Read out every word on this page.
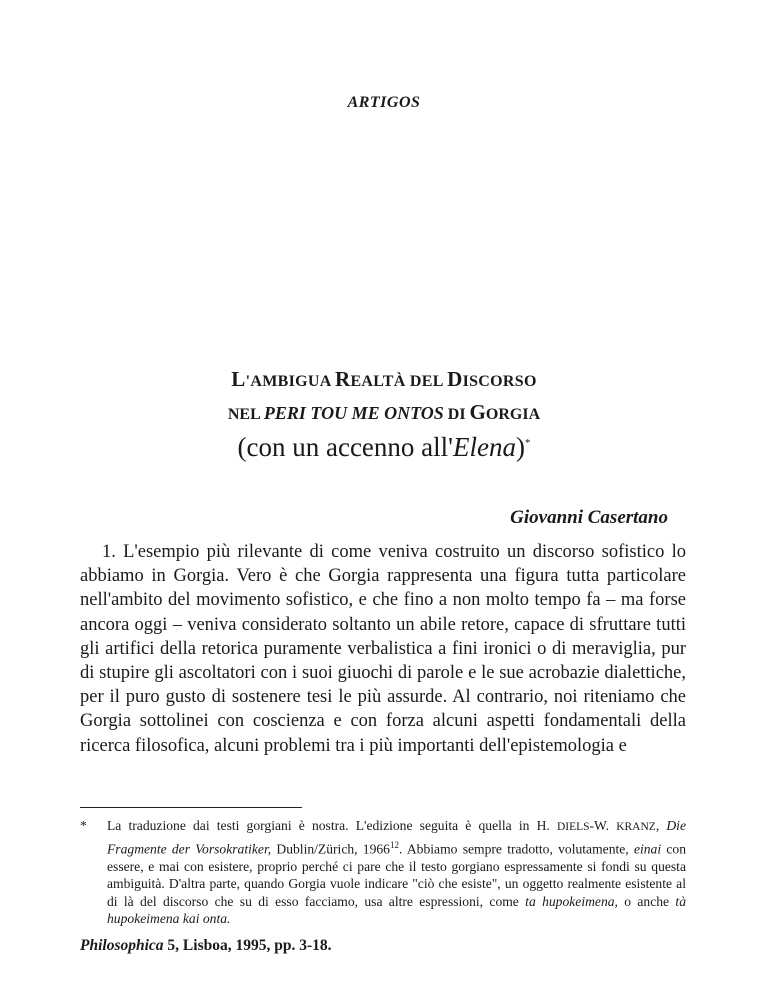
ARTIGOS
L'AMBIGUA REALTÀ DEL DISCORSO
NEL PERI TOU ME ONTOS DI GORGIA
(con un accenno all'Elena)*
Giovanni Casertano

1. L'esempio più rilevante di come veniva costruito un discorso sofistico lo abbiamo in Gorgia. Vero è che Gorgia rappresenta una figura tutta particolare nell'ambito del movimento sofistico, e che fino a non molto tempo fa – ma forse ancora oggi – veniva considerato soltanto un abile retore, capace di sfruttare tutti gli artifici della retorica puramente verbalistica a fini ironici o di meraviglia, pur di stupire gli ascoltatori con i suoi giuochi di parole e le sue acrobazie dialettiche, per il puro gusto di sostenere tesi le più assurde. Al contrario, noi riteniamo che Gorgia sottolinei con coscienza e con forza alcuni aspetti fondamentali della ricerca filosofica, alcuni problemi tra i più importanti dell'epistemologia e

*	La traduzione dai testi gorgiani è nostra. L'edizione seguita è quella in H. DIELS-W. KRANZ, Die Fragmente der Vorsokratiker, Dublin/Zürich, 1966$^{12}$. Abbiamo sempre tradotto, volutamente, einai con essere, e mai con esistere, proprio perché ci pare che il testo gorgiano espressamente si fondi su questa ambiguità. D'altra parte, quando Gorgia vuole indicare "ciò che esiste", un oggetto realmente esistente al di là del discorso che su di esso facciamo, usa altre espressioni, come ta hupokeimena, o anche tà hupokeimena kai onta.
Philosophica 5, Lisboa, 1995, pp. 3-18.
